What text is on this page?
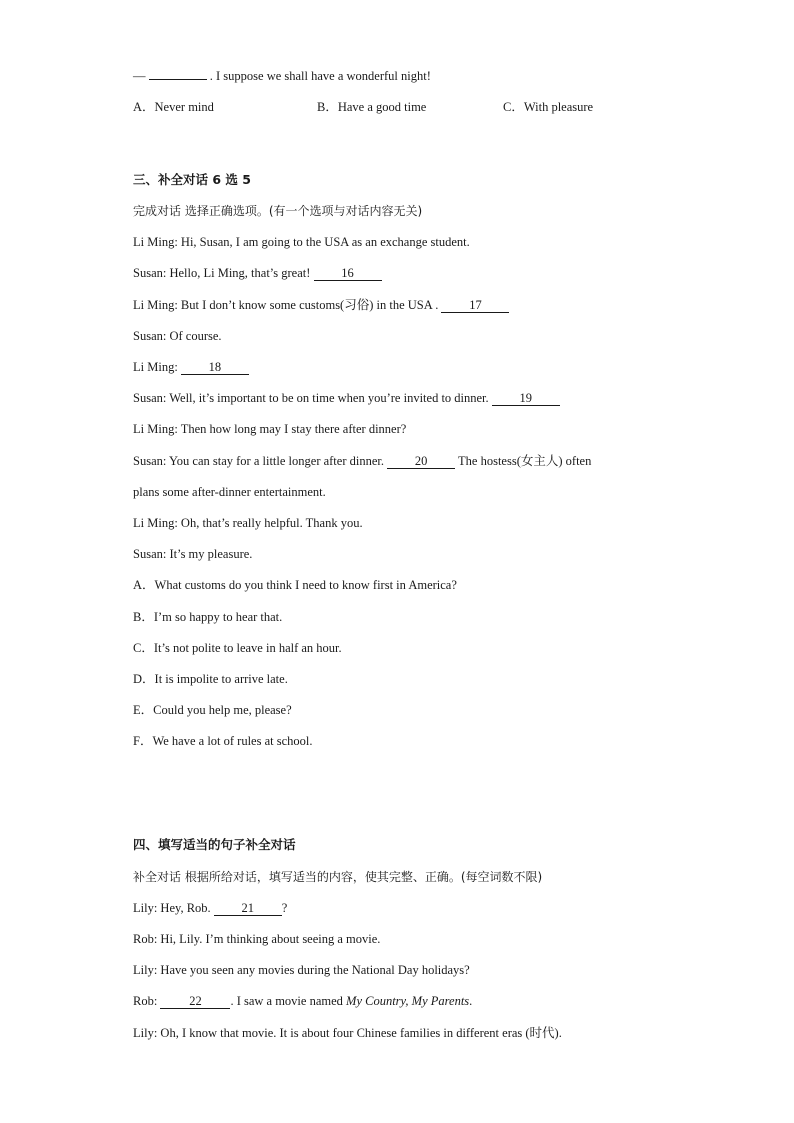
—	. I suppose we shall have a wonderful night!
A．Never mind	B．Have a good time	C．With pleasure
三、补全对话 6 选 5
完成对话 选择正确选项。(有一个选项与对话内容无关)
Li Ming: Hi, Susan, I am going to the USA as an exchange student.
Susan: Hello, Li Ming, that’s great! 16
Li Ming: But I don’t know some customs(习俗) in the USA . 17
Susan: Of course.
Li Ming: 18
Susan: Well, it’s important to be on time when you’re invited to dinner. 19
Li Ming: Then how long may I stay there after dinner?
Susan: You can stay for a little longer after dinner. 20 The hostess(女主人) often
plans some after-dinner entertainment.
Li Ming: Oh, that’s really helpful. Thank you.
Susan: It’s my pleasure.
A．What customs do you think I need to know first in America?
B．I’m so happy to hear that.
C．It’s not polite to leave in half an hour.
D．It is impolite to arrive late.
E．Could you help me, please?
F．We have a lot of rules at school.
四、填写适当的句子补全对话
补全对话 根据所给对话，填写适当的内容，使其完整、正确。(每空词数不限)
Lily: Hey, Rob. 21 ?
Rob: Hi, Lily. I’m thinking about seeing a movie.
Lily: Have you seen any movies during the National Day holidays?
Rob:	22 . I saw a movie named My Country, My Parents.
Lily: Oh, I know that movie. It is about four Chinese families in different eras (时代).
